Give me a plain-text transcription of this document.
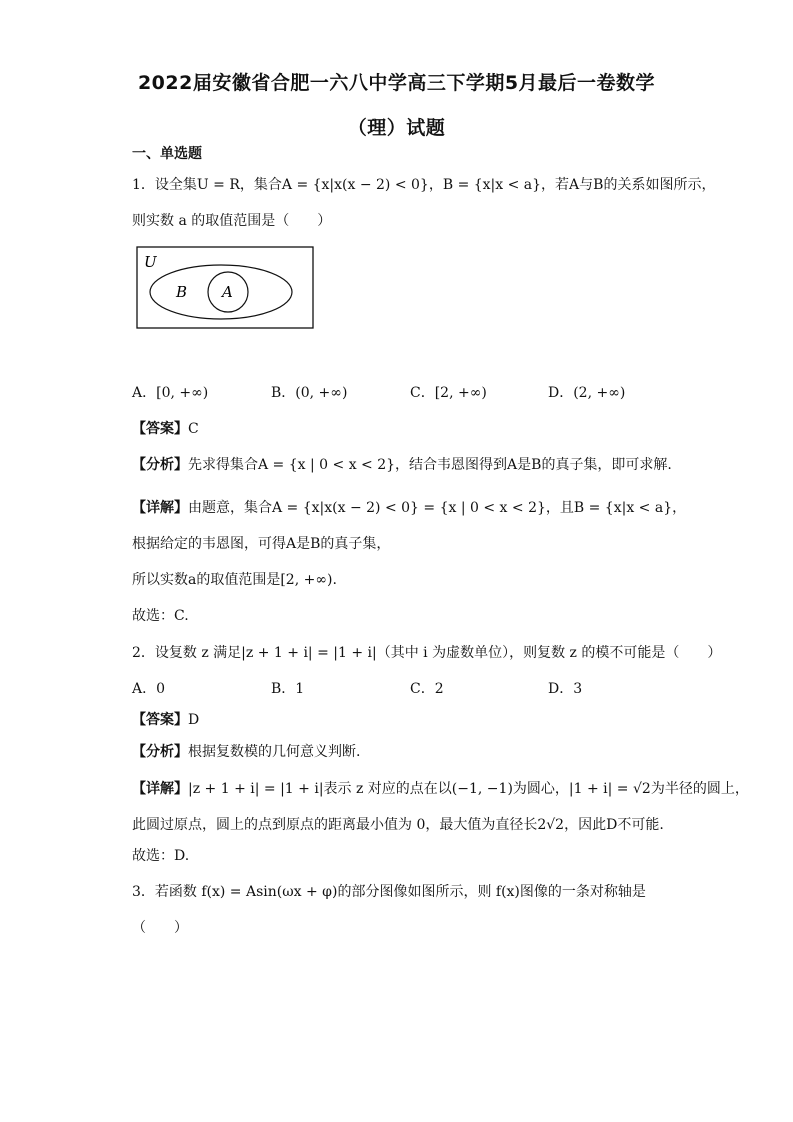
2022届安徽省合肥一六八中学高三下学期5月最后一卷数学
（理）试题
一、单选题
1．设全集U = R，集合A = {x|x(x − 2) < 0}，B = {x|x < a}，若A与B的关系如图所示，
则实数 a 的取值范围是（　　）
U
B A
A．[0, +∞)	B．(0, +∞)	C．[2, +∞)	D．(2, +∞)
【答案】C
【分析】先求得集合A = {x | 0 < x < 2}，结合韦恩图得到A是B的真子集，即可求解.
【详解】由题意，集合A = {x|x(x − 2) < 0} = {x | 0 < x < 2}，且B = {x|x < a}，
根据给定的韦恩图，可得A是B的真子集，
所以实数a的取值范围是[2, +∞).
故选：C.
2．设复数 z 满足|z + 1 + i| = |1 + i|（其中 i 为虚数单位），则复数 z 的模不可能是（　　）
A．0	B．1	C．2	D．3
【答案】D
【分析】根据复数模的几何意义判断.
【详解】|z + 1 + i| = |1 + i|表示 z 对应的点在以(−1, −1)为圆心，|1 + i| = √2为半径的圆上，
此圆过原点，圆上的点到原点的距离最小值为 0，最大值为直径长2√2，因此D不可能.
故选：D.
3．若函数 f(x) = Asin(ωx + φ)的部分图像如图所示，则 f(x)图像的一条对称轴是
（　　）
